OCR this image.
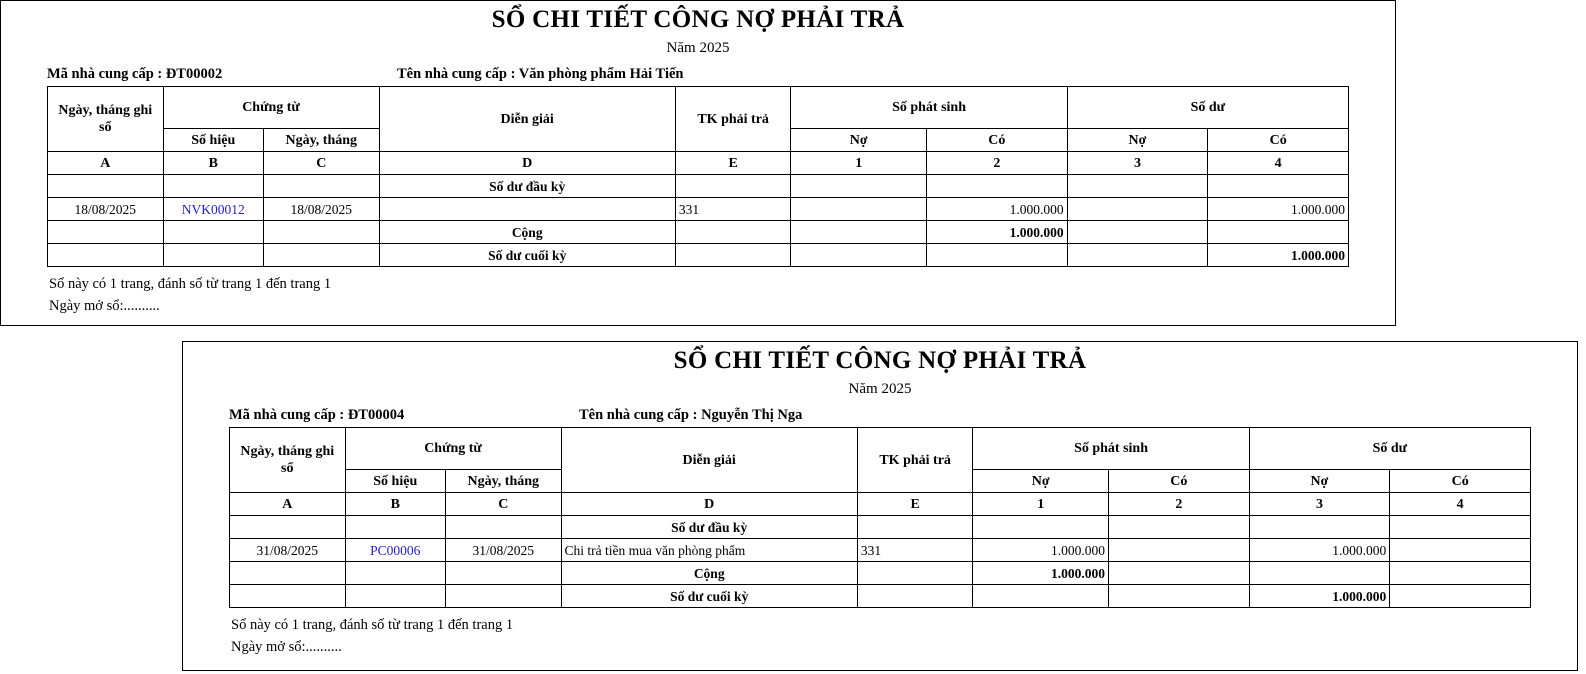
SỔ CHI TIẾT CÔNG NỢ PHẢI TRẢ
Năm 2025
Mã nhà cung cấp : ĐT00002	Tên nhà cung cấp : Văn phòng phẩm Hải Tiến
Ngày, tháng ghi sổ	Chứng từ		Diễn giải	TK phải trả	Số phát sinh		Số dư	
	Số hiệu	Ngày, tháng			Nợ	Có	Nợ	Có
A	B	C	D	E	1	2	3	4
			Số dư đầu kỳ					
18/08/2025	NVK00012	18/08/2025		331		1.000.000		1.000.000
			Cộng			1.000.000		
			Số dư cuối kỳ					1.000.000
Sổ này có 1 trang, đánh số từ trang 1 đến trang 1
Ngày mở sổ:..........
SỔ CHI TIẾT CÔNG NỢ PHẢI TRẢ
Năm 2025
Mã nhà cung cấp : ĐT00004	Tên nhà cung cấp : Nguyễn Thị Nga
Ngày, tháng ghi sổ	Chứng từ		Diễn giải	TK phải trả	Số phát sinh		Số dư	
	Số hiệu	Ngày, tháng			Nợ	Có	Nợ	Có
A	B	C	D	E	1	2	3	4
			Số dư đầu kỳ					
31/08/2025	PC00006	31/08/2025	Chi trả tiền mua văn phòng phẩm	331	1.000.000		1.000.000	
			Cộng		1.000.000			
			Số dư cuối kỳ				1.000.000	
Sổ này có 1 trang, đánh số từ trang 1 đến trang 1
Ngày mở sổ:..........
